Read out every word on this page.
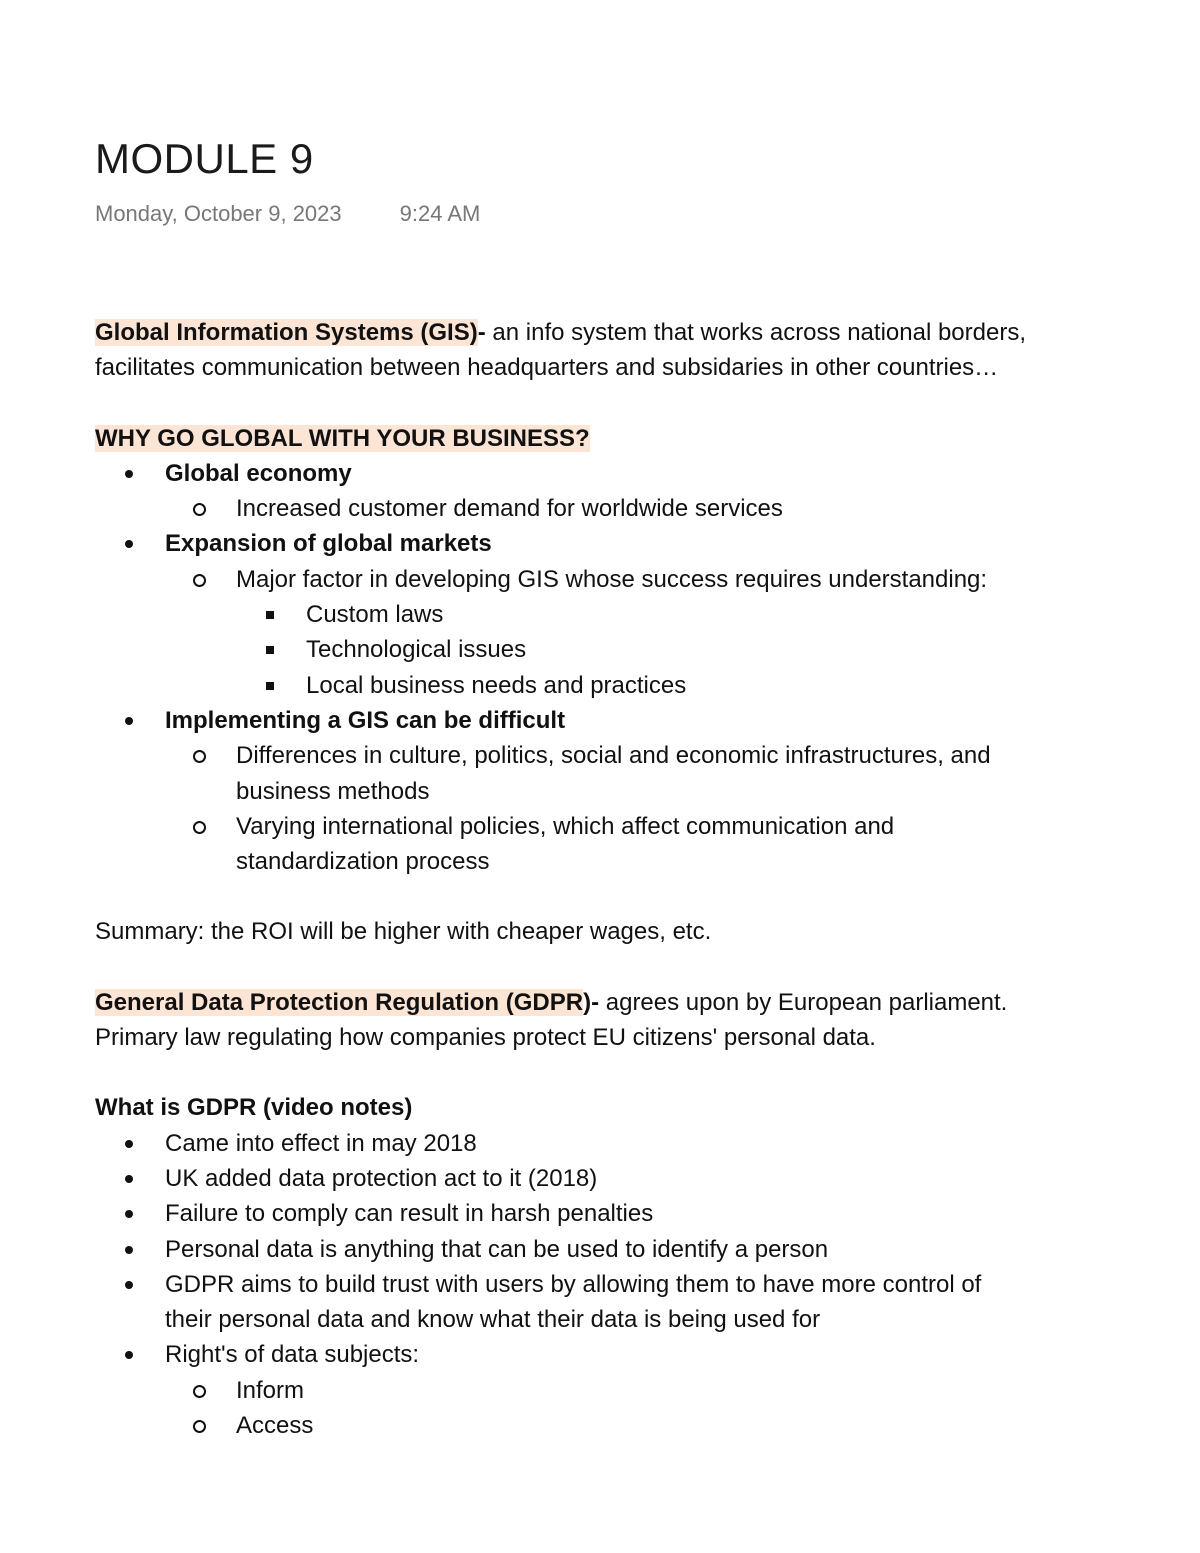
MODULE 9
Monday, October 9, 2023	9:24 AM
Global Information Systems (GIS)- an info system that works across national borders,
facilitates communication between headquarters and subsidaries in other countries…
WHY GO GLOBAL WITH YOUR BUSINESS?
Global economy
Increased customer demand for worldwide services
Expansion of global markets
Major factor in developing GIS whose success requires understanding:
Custom laws
Technological issues
Local business needs and practices
Implementing a GIS can be difficult
Differences in culture, politics, social and economic infrastructures, and
business methods
Varying international policies, which affect communication and
standardization process
Summary: the ROI will be higher with cheaper wages, etc.
General Data Protection Regulation (GDPR)- agrees upon by European parliament.
Primary law regulating how companies protect EU citizens' personal data.
What is GDPR (video notes)
Came into effect in may 2018
UK added data protection act to it (2018)
Failure to comply can result in harsh penalties
Personal data is anything that can be used to identify a person
GDPR aims to build trust with users by allowing them to have more control of
their personal data and know what their data is being used for
Right's of data subjects:
Inform
Access
